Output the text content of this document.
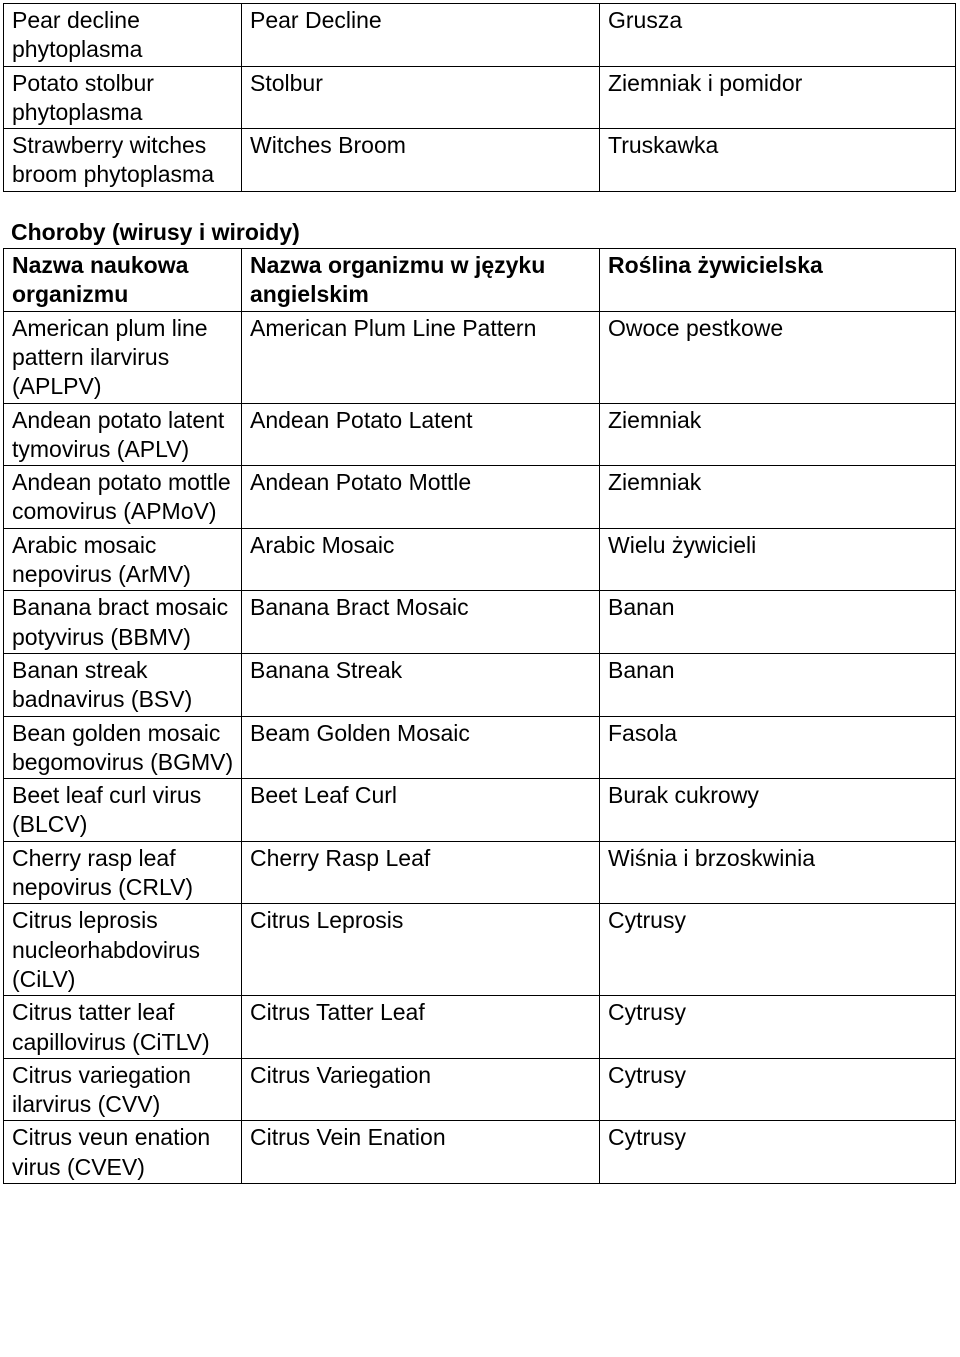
Pear decline phytoplasma	Pear Decline	Grusza
Potato stolbur phytoplasma	Stolbur	Ziemniak i pomidor
Strawberry witches broom phytoplasma	Witches Broom	Truskawka
Choroby (wirusy i wiroidy)
Nazwa naukowa organizmu	Nazwa organizmu w języku angielskim	Roślina żywicielska
American plum line pattern ilarvirus (APLPV)	American Plum Line Pattern	Owoce pestkowe
Andean potato latent tymovirus (APLV)	Andean Potato Latent	Ziemniak
Andean potato mottle comovirus (APMoV)	Andean Potato Mottle	Ziemniak
Arabic mosaic nepovirus (ArMV)	Arabic Mosaic	Wielu żywicieli
Banana bract mosaic potyvirus (BBMV)	Banana Bract Mosaic	Banan
Banan streak badnavirus (BSV)	Banana Streak	Banan
Bean golden mosaic begomovirus (BGMV)	Beam Golden Mosaic	Fasola
Beet leaf curl virus (BLCV)	Beet Leaf Curl	Burak cukrowy
Cherry rasp leaf nepovirus (CRLV)	Cherry Rasp Leaf	Wiśnia i brzoskwinia
Citrus leprosis nucleorhabdovirus (CiLV)	Citrus Leprosis	Cytrusy
Citrus tatter leaf capillovirus (CiTLV)	Citrus Tatter Leaf	Cytrusy
Citrus variegation ilarvirus (CVV)	Citrus Variegation	Cytrusy
Citrus veun enation virus (CVEV)	Citrus Vein Enation	Cytrusy
